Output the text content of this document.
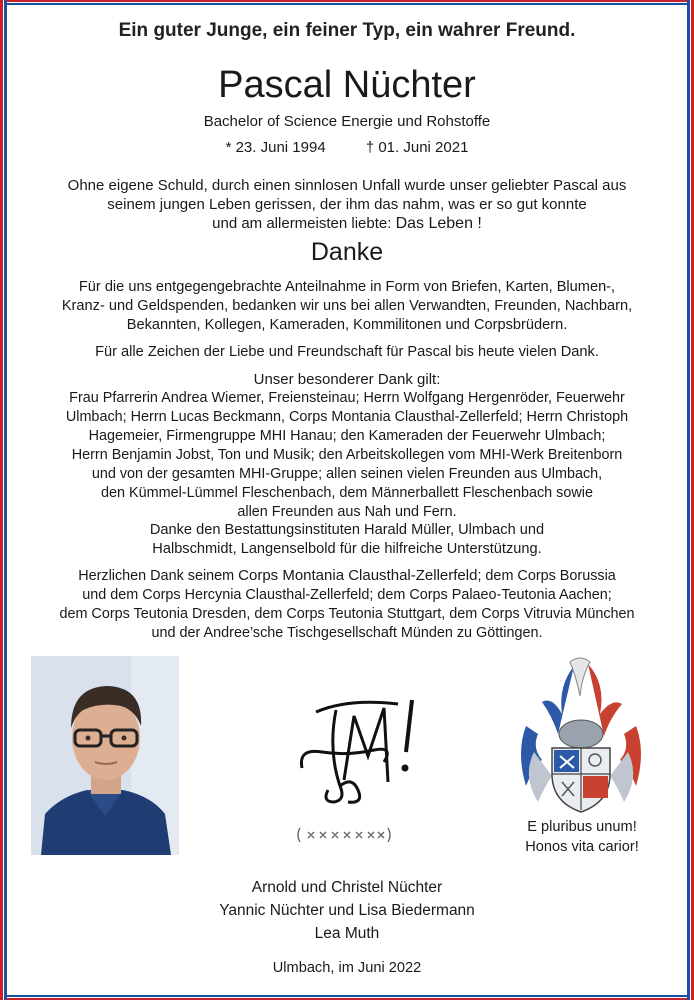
Ein guter Junge, ein feiner Typ, ein wahrer Freund.
Pascal Nüchter
Bachelor of Science Energie und Rohstoffe
* 23. Juni 1994	† 01. Juni 2021
Ohne eigene Schuld, durch einen sinnlosen Unfall wurde unser geliebter Pascal aus
seinem jungen Leben gerissen, der ihm das nahm, was er so gut konnte
und am allermeisten liebte: Das Leben !
Danke
Für die uns entgegengebrachte Anteilnahme in Form von Briefen, Karten, Blumen-,
Kranz- und Geldspenden, bedanken wir uns bei allen Verwandten, Freunden, Nachbarn,
Bekannten, Kollegen, Kameraden, Kommilitonen und Corpsbrüdern.
Für alle Zeichen der Liebe und Freundschaft für Pascal bis heute vielen Dank.
Unser besonderer Dank gilt:
Frau Pfarrerin Andrea Wiemer, Freiensteinau; Herrn Wolfgang Hergenröder, Feuerwehr
Ulmbach; Herrn Lucas Beckmann, Corps Montania Clausthal-Zellerfeld; Herrn Christoph
Hagemeier, Firmengruppe MHI Hanau; den Kameraden der Feuerwehr Ulmbach;
Herrn Benjamin Jobst, Ton und Musik; den Arbeitskollegen vom MHI-Werk Breitenborn
und von der gesamten MHI-Gruppe; allen seinen vielen Freunden aus Ulmbach,
den Kümmel-Lümmel Fleschenbach, dem Männerballett Fleschenbach sowie
allen Freunden aus Nah und Fern.
Danke den Bestattungsinstituten Harald Müller, Ulmbach und
Halbschmidt, Langenselbold für die hilfreiche Unterstützung.
Herzlichen Dank seinem Corps Montania Clausthal-Zellerfeld; dem Corps Borussia
und dem Corps Hercynia Clausthal-Zellerfeld; dem Corps Palaeo-Teutonia Aachen;
dem Corps Teutonia Dresden, dem Corps Teutonia Stuttgart, dem Corps Vitruvia München
und der Andree’sche Tischgesellschaft Münden zu Göttingen.
E pluribus unum!
Honos vita carior!
Arnold und Christel Nüchter
Yannic Nüchter und Lisa Biedermann
Lea Muth
Ulmbach, im Juni 2022
